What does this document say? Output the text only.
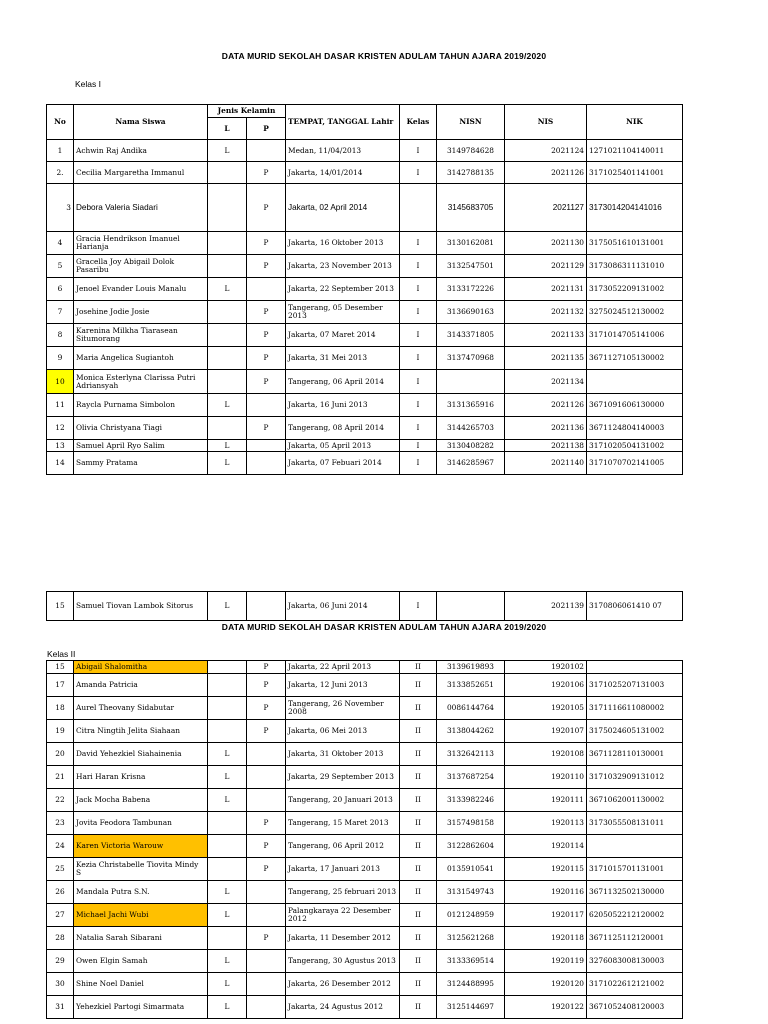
DATA MURID SEKOLAH DASAR KRISTEN ADULAM TAHUN AJARA 2019/2020
Kelas I
No	Nama Siswa	Jenis Kelamin		TEMPAT, TANGGAL Lahir	Kelas	NISN	NIS	NIK
		L	P					
1	Achwin Raj Andika	L		Medan, 11/04/2013	I	3149784628	2021124	1271021104140011
2.	Cecilia Margaretha Immanul		P	Jakarta, 14/01/2014	I	3142788135	2021126	3171025401141001
3	Debora Valeria Siadari		P	Jakarta, 02 April 2014		3145683705	2021127	3173014204141016
4	Gracia Hendrikson Imanuel Harianja		P	Jakarta, 16 Oktober 2013	I	3130162081	2021130	3175051610131001
5	Gracella Joy Abigail Dolok Pasaribu		P	Jakarta, 23 November 2013	I	3132547501	2021129	3173086311131010
6	Jenoel Evander Louis Manalu	L		Jakarta, 22 September 2013	I	3133172226	2021131	3173052209131002
7	Josehine Jodie Josie		P	Tangerang, 05 Desember 2013	I	3136690163	2021132	3275024512130002
8	Karenina Milkha Tiarasean Situmorang		P	Jakarta, 07 Maret 2014	I	3143371805	2021133	3171014705141006
9	Maria Angelica Sugiantoh		P	Jakarta, 31 Mei 2013	I	3137470968	2021135	3671127105130002
10	Monica Esterlyna Clarissa Putri Adriansyah		P	Tangerang, 06 April 2014	I		2021134	
11	Raycla Purnama Simbolon	L		Jakarta, 16 Juni 2013	I	3131365916	2021126	3671091606130000
12	Olivia Christyana Tiagi		P	Tangerang, 08 April 2014	I	3144265703	2021136	3671124804140003
13	Samuel April Ryo Salim	L		Jakarta, 05 April 2013	I	3130408282	2021138	3171020504131002
14	Sammy Pratama	L		Jakarta, 07 Febuari 2014	I	3146285967	2021140	3171070702141005
15	Samuel Tiovan Lambok Sitorus	L		Jakarta, 06 Juni 2014	I		2021139	3170806061410 07
DATA MURID SEKOLAH DASAR KRISTEN ADULAM TAHUN AJARA 2019/2020
Kelas II
15	Abigail Shalomitha		P	Jakarta, 22 April 2013	II	3139619893	1920102	
17	Amanda Patricia		P	Jakarta, 12 Juni 2013	II	3133852651	1920106	3171025207131003
18	Aurel Theovany Sidabutar		P	Tangerang, 26 November 2008	II	0086144764	1920105	3171116611080002
19	Citra Ningtih Jelita Siahaan		P	Jakarta, 06 Mei 2013	II	3138044262	1920107	3175024605131002
20	David Yehezkiel Siahainenia	L		Jakarta, 31 Oktober 2013	II	3132642113	1920108	3671128110130001
21	Hari Haran Krisna	L		Jakarta, 29 September 2013	II	3137687254	1920110	3171032909131012
22	Jack Mocha Babena	L		Tangerang, 20 Januari 2013	II	3133982246	1920111	3671062001130002
23	Jovita Feodora Tambunan		P	Tangerang, 15 Maret 2013	II	3157498158	1920113	3173055508131011
24	Karen Victoria Warouw		P	Tangerang, 06 April 2012	II	3122862604	1920114	
25	Kezia Christabelle Tiovita Mindy S		P	Jakarta, 17 Januari 2013	II	0135910541	1920115	3171015701131001
26	Mandala Putra S.N.	L		Tangerang, 25 februari 2013	II	3131549743	1920116	3671132502130000
27	Michael Jachi Wubi	L		Palangkaraya 22 Desember 2012	II	0121248959	1920117	6205052212120002
28	Natalia Sarah Sibarani		P	Jakarta, 11 Desember 2012	II	3125621268	1920118	3671125112120001
29	Owen Elgin Samah	L		Tangerang, 30 Agustus 2013	II	3133369514	1920119	3276083008130003
30	Shine Noel Daniel	L		Jakarta, 26 Desember 2012	II	3124488995	1920120	3171022612121002
31	Yehezkiel Partogi Simarmata	L		Jakarta, 24 Agustus 2012	II	3125144697	1920122	3671052408120003
